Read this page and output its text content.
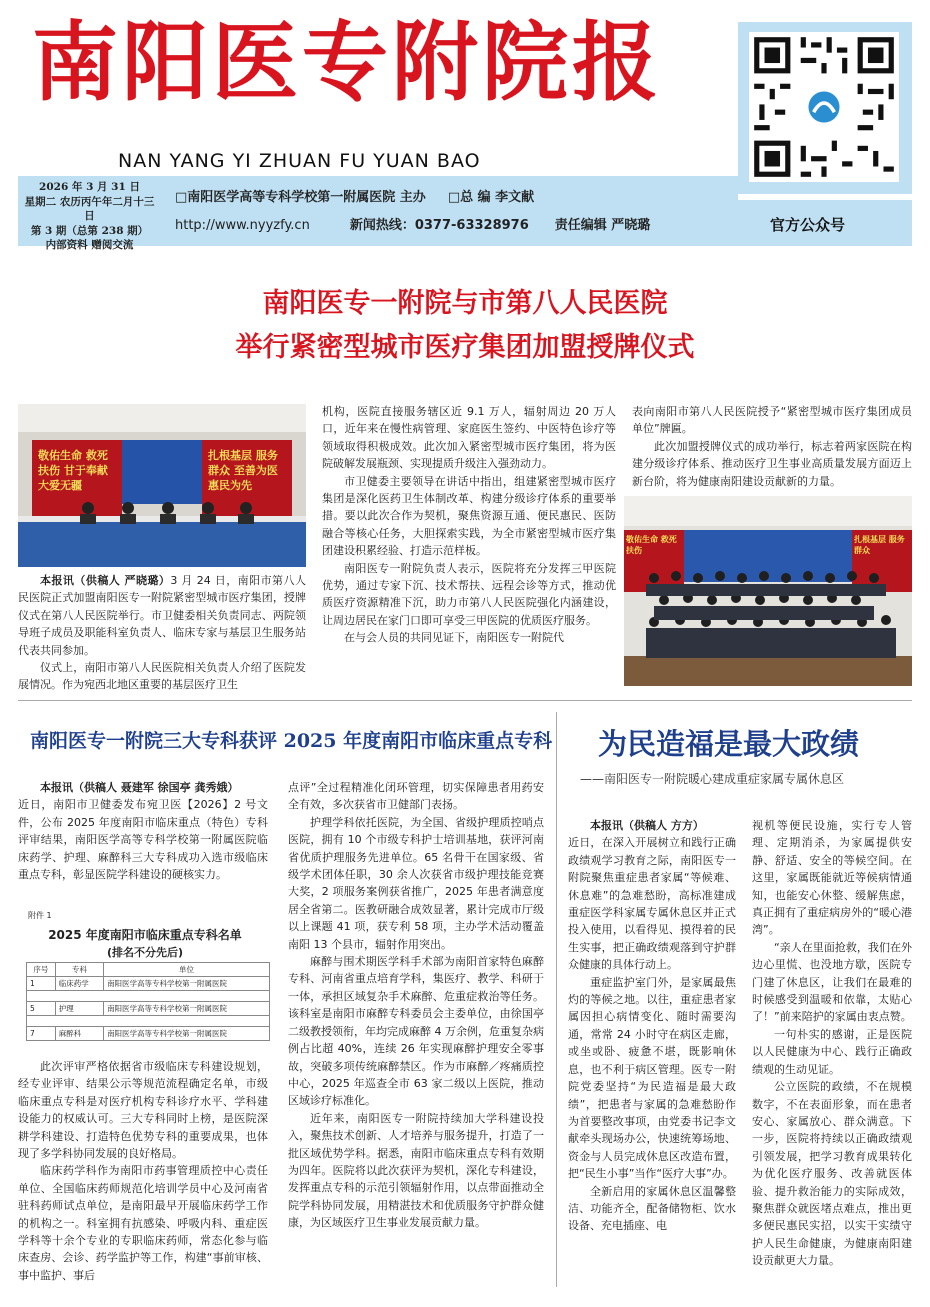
南阳医专附院报
NAN YANG YI ZHUAN FU YUAN BAO
官方公众号
2026 年 3 月 31 日
星期二 农历丙午年二月十三日
第 3 期（总第 238 期）
内部资料 赠阅交流
□南阳医学高等专科学校第一附属医院 主办 □总 编 李文献
http://www.nyyzfy.cn	新闻热线：0377-63328976 责任编辑 严晓璐
南阳医专一附院与市第八人民医院
举行紧密型城市医疗集团加盟授牌仪式
敬佑生命 救死扶伤 甘于奉献 大爱无疆
扎根基层 服务群众 至善为医 惠民为先

本报讯（供稿人 严晓璐）3 月 24 日，南阳市第八人民医院正式加盟南阳医专一附院紧密型城市医疗集团，授牌仪式在第八人民医院举行。市卫健委相关负责同志、两院领导班子成员及职能科室负责人、临床专家与基层卫生服务站代表共同参加。

仪式上，南阳市第八人民医院相关负责人介绍了医院发展情况。作为宛西北地区重要的基层医疗卫生

机构，医院直接服务辖区近 9.1 万人，辐射周边 20 万人口，近年来在慢性病管理、家庭医生签约、中医特色诊疗等领域取得积极成效。此次加入紧密型城市医疗集团，将为医院破解发展瓶颈、实现提质升级注入强劲动力。

市卫健委主要领导在讲话中指出，组建紧密型城市医疗集团是深化医药卫生体制改革、构建分级诊疗体系的重要举措。要以此次合作为契机，聚焦资源互通、便民惠民、医防融合等核心任务，大胆探索实践，为全市紧密型城市医疗集团建设积累经验、打造示范样板。

南阳医专一附院负责人表示，医院将充分发挥三甲医院优势，通过专家下沉、技术帮扶、远程会诊等方式，推动优质医疗资源精准下沉，助力市第八人民医院强化内涵建设，让周边居民在家门口即可享受三甲医院的优质医疗服务。

在与会人员的共同见证下，南阳医专一附院代

表向南阳市第八人民医院授予“紧密型城市医疗集团成员单位”牌匾。

此次加盟授牌仪式的成功举行，标志着两家医院在构建分级诊疗体系、推动医疗卫生事业高质量发展方面迈上新台阶，将为健康南阳建设贡献新的力量。

敬佑生命 救死扶伤
扎根基层 服务群众
南阳医专一附院三大专科获评 2025 年度南阳市临床重点专科

本报讯（供稿人 聂建军 徐国亭 龚秀娥）

近日，南阳市卫健委发布宛卫医【2026】2 号文件，公布 2025 年度南阳市临床重点（特色）专科评审结果，南阳医学高等专科学校第一附属医院临床药学、护理、麻醉科三大专科成功入选市级临床重点专科，彰显医院学科建设的硬核实力。

附件 1
2025 年度南阳市临床重点专科名单
(排名不分先后)
序号	专科	单位
1	临床药学	南阳医学高等专科学校第一附属医院

5	护理	南阳医学高等专科学校第一附属医院

7	麻醉科	南阳医学高等专科学校第一附属医院

此次评审严格依据省市级临床专科建设规划，经专业评审、结果公示等规范流程确定名单，市级临床重点专科是对医疗机构专科诊疗水平、学科建设能力的权威认可。三大专科同时上榜，是医院深耕学科建设、打造特色优势专科的重要成果，也体现了多学科协同发展的良好格局。

临床药学科作为南阳市药事管理质控中心责任单位、全国临床药师规范化培训学员中心及河南省驻科药师试点单位，是南阳最早开展临床药学工作的机构之一。科室拥有抗感染、呼吸内科、重症医学科等十余个专业的专职临床药师，常态化参与临床查房、会诊、药学监护等工作，构建“事前审核、事中监护、事后

点评”全过程精准化闭环管理，切实保障患者用药安全有效，多次获省市卫健部门表扬。

护理学科依托医院，为全国、省级护理质控哨点医院，拥有 10 个市级专科护士培训基地，获评河南省优质护理服务先进单位。65 名骨干在国家级、省级学术团体任职，30 余人次获省市级护理技能竞赛大奖，2 项服务案例获省推广，2025 年患者满意度居全省第二。医教研融合成效显著，累计完成市厅级以上课题 41 项，获专利 58 项，主办学术活动覆盖南阳 13 个县市，辐射作用突出。

麻醉与围术期医学科手术部为南阳首家特色麻醉专科、河南省重点培育学科，集医疗、教学、科研于一体，承担区域复杂手术麻醉、危重症救治等任务。该科室是南阳市麻醉专科委员会主委单位，由徐国亭二级教授领衔，年均完成麻醉 4 万余例，危重复杂病例占比超 40%，连续 26 年实现麻醉护理安全零事故，突破多项传统麻醉禁区。作为市麻醉／疼痛质控中心，2025 年巡查全市 63 家二级以上医院，推动区域诊疗标准化。

近年来，南阳医专一附院持续加大学科建设投入，聚焦技术创新、人才培养与服务提升，打造了一批区域优势学科。据悉，南阳市临床重点专科有效期为四年。医院将以此次获评为契机，深化专科建设，发挥重点专科的示范引领辐射作用，以点带面推动全院学科协同发展，用精湛技术和优质服务守护群众健康，为区域医疗卫生事业发展贡献力量。

为民造福是最大政绩
——南阳医专一附院暖心建成重症家属专属休息区

本报讯（供稿人 方方）

近日，在深入开展树立和践行正确政绩观学习教育之际，南阳医专一附院聚焦重症患者家属“等候难、休息难”的急难愁盼，高标准建成重症医学科家属专属休息区并正式投入使用，以看得见、摸得着的民生实事，把正确政绩观落到守护群众健康的具体行动上。

重症监护室门外，是家属最焦灼的等候之地。以往，重症患者家属因担心病情变化、随时需要沟通，常常 24 小时守在病区走廊，或坐或卧、疲惫不堪，既影响休息，也不利于病区管理。医专一附院党委坚持“为民造福是最大政绩”，把患者与家属的急难愁盼作为首要整改事项，由党委书记李文献牵头现场办公，快速统筹场地、资金与人员完成休息区改造布置，把“民生小事”当作“医疗大事”办。

全新启用的家属休息区温馨整洁、功能齐全，配备储物柜、饮水设备、充电插座、电

视机等便民设施，实行专人管理、定期消杀，为家属提供安静、舒适、安全的等候空间。在这里，家属既能就近等候病情通知，也能安心休整、缓解焦虑，真正拥有了重症病房外的“暖心港湾”。

“亲人在里面抢救，我们在外边心里慌、也没地方歇，医院专门建了休息区，让我们在最难的时候感受到温暖和依靠，太贴心了！”前来陪护的家属由衷点赞。

一句朴实的感谢，正是医院以人民健康为中心、践行正确政绩观的生动见证。

公立医院的政绩，不在规模数字，不在表面形象，而在患者安心、家属放心、群众满意。下一步，医院将持续以正确政绩观引领发展，把学习教育成果转化为优化医疗服务、改善就医体验、提升救治能力的实际成效，聚焦群众就医堵点难点，推出更多便民惠民实招，以实干实绩守护人民生命健康，为健康南阳建设贡献更大力量。
